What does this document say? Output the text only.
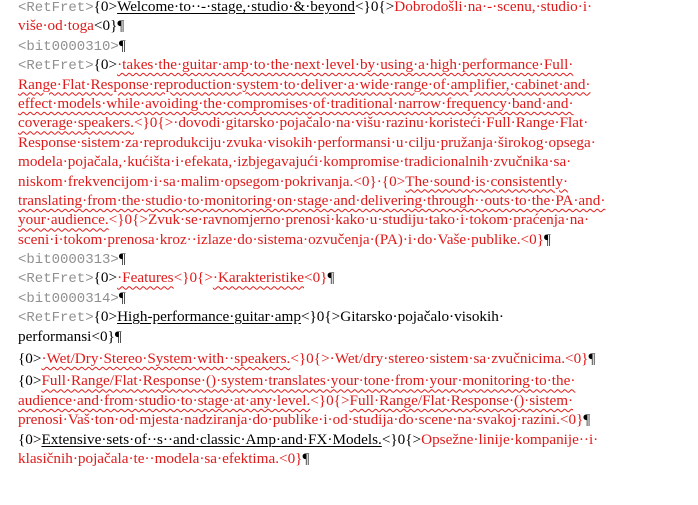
<RetFret>{0>Welcome·to··-·stage,·studio·&·beyond<}0{>Dobrodošli·na·-·scenu,·studio·i·
više·od·toga<0}¶
<bit0000310>¶
<RetFret>{0>·takes·the·guitar·amp·to·the·next·level·by·using·a·high·performance·Full·
Range·Flat·Response·reproduction·system·to·deliver·a·wide·range·of·amplifier,·cabinet·and·
effect·models·while·avoiding·the·compromises·of·traditional·narrow·frequency·band·and·
coverage·speakers.<}0{>·dovodi·gitarsko·pojačalo·na·višu·razinu·koristeći·Full·Range·Flat·
Response·sistem·za·reprodukciju·zvuka·visokih·performansi·u·cilju·pružanja·širokog·opsega·
modela·pojačala,·kućišta·i·efekata,·izbjegavajući·kompromise·tradicionalnih·zvučnika·sa·
niskom·frekvencijom·i·sa·malim·opsegom·pokrivanja.<0}·{0>The·sound·is·consistently·
translating·from·the·studio·to·monitoring·on·stage·and·delivering·through··outs·to·the·PA·and·
your·audience.<}0{>Zvuk·se·ravnomjerno·prenosi·kako·u·studiju·tako·i·tokom·praćenja·na·
sceni·i·tokom·prenosa·kroz··izlaze·do·sistema·ozvučenja·(PA)·i·do·Vaše·publike.<0}¶
<bit0000313>¶
<RetFret>{0>·Features<}0{>·Karakteristike<0}¶
<bit0000314>¶
<RetFret>{0>High-performance·guitar·amp<}0{>Gitarsko·pojačalo·visokih·
performansi<0}¶
{0>·Wet/Dry·Stereo·System·with··speakers.<}0{>·Wet/dry·stereo·sistem·sa·zvučnicima.<0}¶
{0>Full·Range/Flat·Response·()·system·translates·your·tone·from·your·monitoring·to·the·
audience·and·from·studio·to·stage·at·any·level.<}0{>Full·Range/Flat·Response·()·sistem·
prenosi·Vaš·ton·od·mjesta·nadziranja·do·publike·i·od·studija·do·scene·na·svakoj·razini.<0}¶
{0>Extensive·sets·of··s··and·classic·Amp·and·FX·Models.<}0{>Opsežne·linije·kompanije··i·
klasičnih·pojačala·te··modela·sa·efektima.<0}¶
